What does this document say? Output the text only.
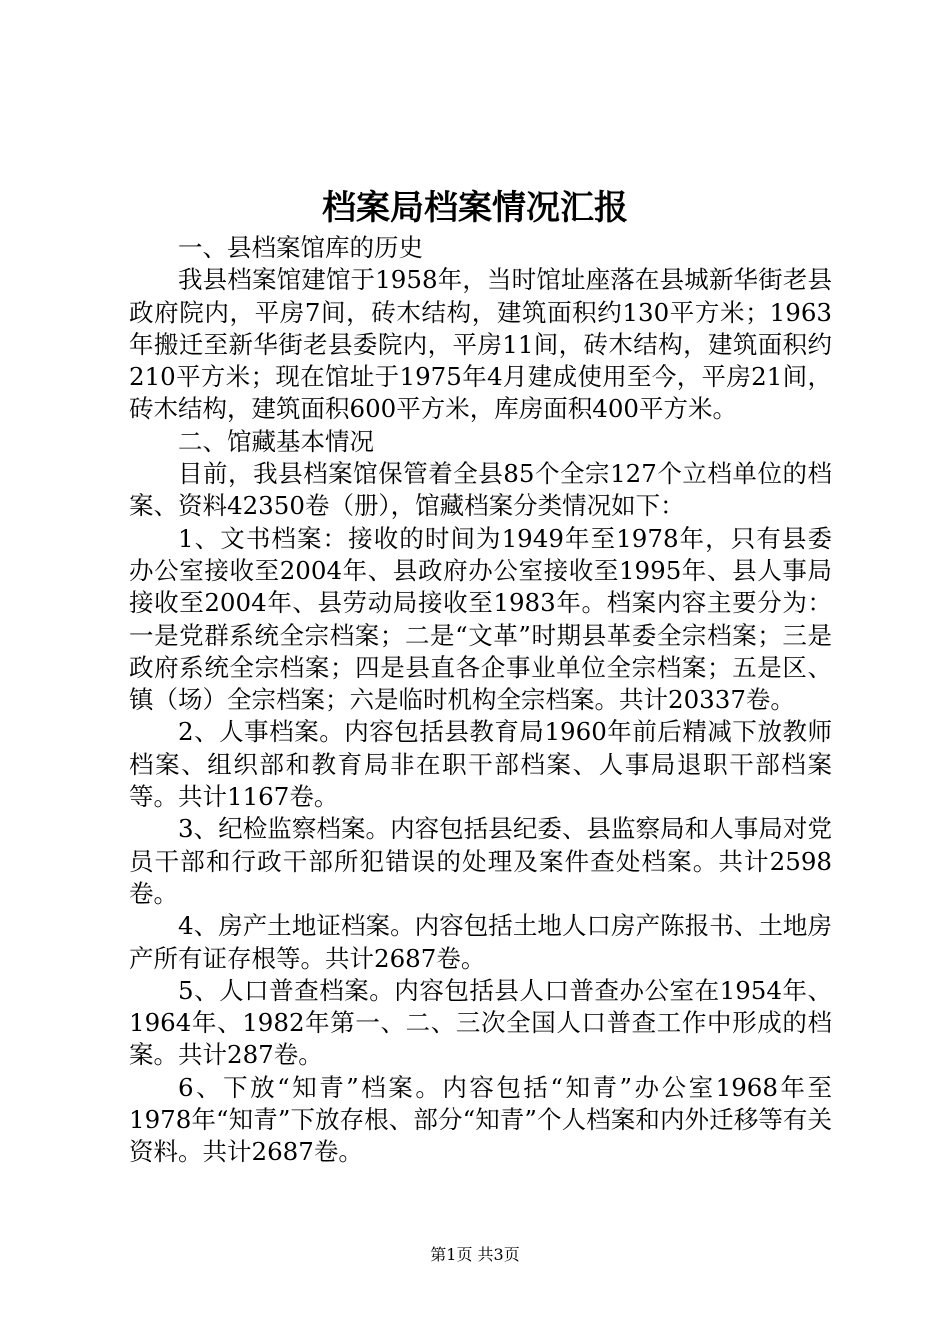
档案局档案情况汇报

一、县档案馆库的历史

我县档案馆建馆于1958年，当时馆址座落在县城新华街老县政府院内，平房7间，砖木结构，建筑面积约130平方米；1963年搬迁至新华街老县委院内，平房11间，砖木结构，建筑面积约210平方米；现在馆址于1975年4月建成使用至今，平房21间，砖木结构，建筑面积600平方米，库房面积400平方米。

二、馆藏基本情况

目前，我县档案馆保管着全县85个全宗127个立档单位的档案、资料42350卷（册），馆藏档案分类情况如下：

1、文书档案：接收的时间为1949年至1978年，只有县委办公室接收至2004年、县政府办公室接收至1995年、县人事局接收至2004年、县劳动局接收至1983年。档案内容主要分为：一是党群系统全宗档案；二是“文革”时期县革委全宗档案；三是政府系统全宗档案；四是县直各企事业单位全宗档案；五是区、镇（场）全宗档案；六是临时机构全宗档案。共计20337卷。

2、人事档案。内容包括县教育局1960年前后精减下放教师档案、组织部和教育局非在职干部档案、人事局退职干部档案等。共计1167卷。

3、纪检监察档案。内容包括县纪委、县监察局和人事局对党员干部和行政干部所犯错误的处理及案件查处档案。共计2598卷。

4、房产土地证档案。内容包括土地人口房产陈报书、土地房产所有证存根等。共计2687卷。

5、人口普查档案。内容包括县人口普查办公室在1954年、1964年、1982年第一、二、三次全国人口普查工作中形成的档案。共计287卷。

6、下放“知青”档案。内容包括“知青”办公室1968年至1978年“知青”下放存根、部分“知青”个人档案和内外迁移等有关资料。共计2687卷。

第1页 共3页
